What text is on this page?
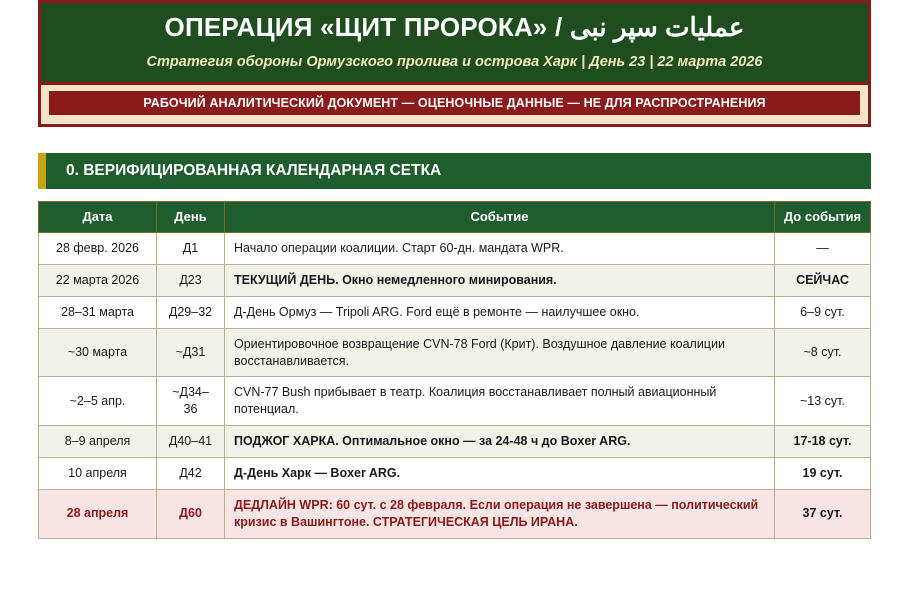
ОПЕРАЦИЯ «ЩИТ ПРОРОКА» / عملیات سپر نبی
Стратегия обороны Ормузского пролива и острова Харк | День 23 | 22 марта 2026
РАБОЧИЙ АНАЛИТИЧЕСКИЙ ДОКУМЕНТ — ОЦЕНОЧНЫЕ ДАННЫЕ — НЕ ДЛЯ РАСПРОСТРАНЕНИЯ
0. ВЕРИФИЦИРОВАННАЯ КАЛЕНДАРНАЯ СЕТКА
Дата	День	Событие	До события
28 февр. 2026	Д1	Начало операции коалиции. Старт 60-дн. мандата WPR.	—
22 марта 2026	Д23	ТЕКУЩИЙ ДЕНЬ. Окно немедленного минирования.	СЕЙЧАС
28–31 марта	Д29–32	Д-День Ормуз — Tripoli ARG. Ford ещё в ремонте — наилучшее окно.	6–9 сут.
~30 марта	~Д31	Ориентировочное возвращение CVN-78 Ford (Крит). Воздушное давление коалиции восстанавливается.	~8 сут.
~2–5 апр.	~Д34–36	CVN-77 Bush прибывает в театр. Коалиция восстанавливает полный авиационный потенциал.	~13 сут.
8–9 апреля	Д40–41	ПОДЖОГ ХАРКА. Оптимальное окно — за 24-48 ч до Boxer ARG.	17-18 сут.
10 апреля	Д42	Д-День Харк — Boxer ARG.	19 сут.
28 апреля	Д60	ДЕДЛАЙН WPR: 60 сут. с 28 февраля. Если операция не завершена — политический кризис в Вашингтоне. СТРАТЕГИЧЕСКАЯ ЦЕЛЬ ИРАНА.	37 сут.
